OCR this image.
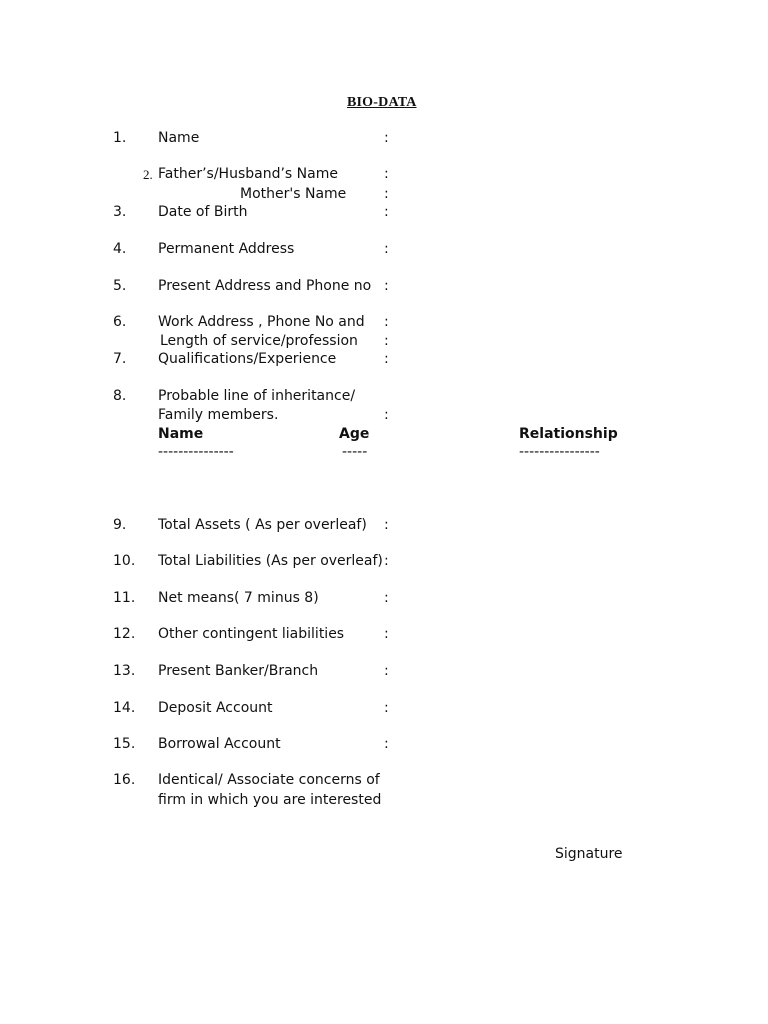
BIO-DATA
1. Name	:
2. Father’s/Husband’s Name	:
Mother's Name	:
3. Date of Birth	:
4. Permanent Address	:
5. Present Address and Phone no :
6. Work Address , Phone No and :
Length of service/profession :
7. Qualifications/Experience	:
8. Probable line of inheritance/
Family members.	:
Name	Age	Relationship
---------------	-----	----------------
9. Total Assets ( As per overleaf) :
10. Total Liabilities (As per overleaf) :
11. Net means( 7 minus 8)	:
12. Other contingent liabilities	:
13. Present Banker/Branch	:
14. Deposit Account	:
15. Borrowal Account	:
16. Identical/ Associate concerns of
firm in which you are interested
Signature
